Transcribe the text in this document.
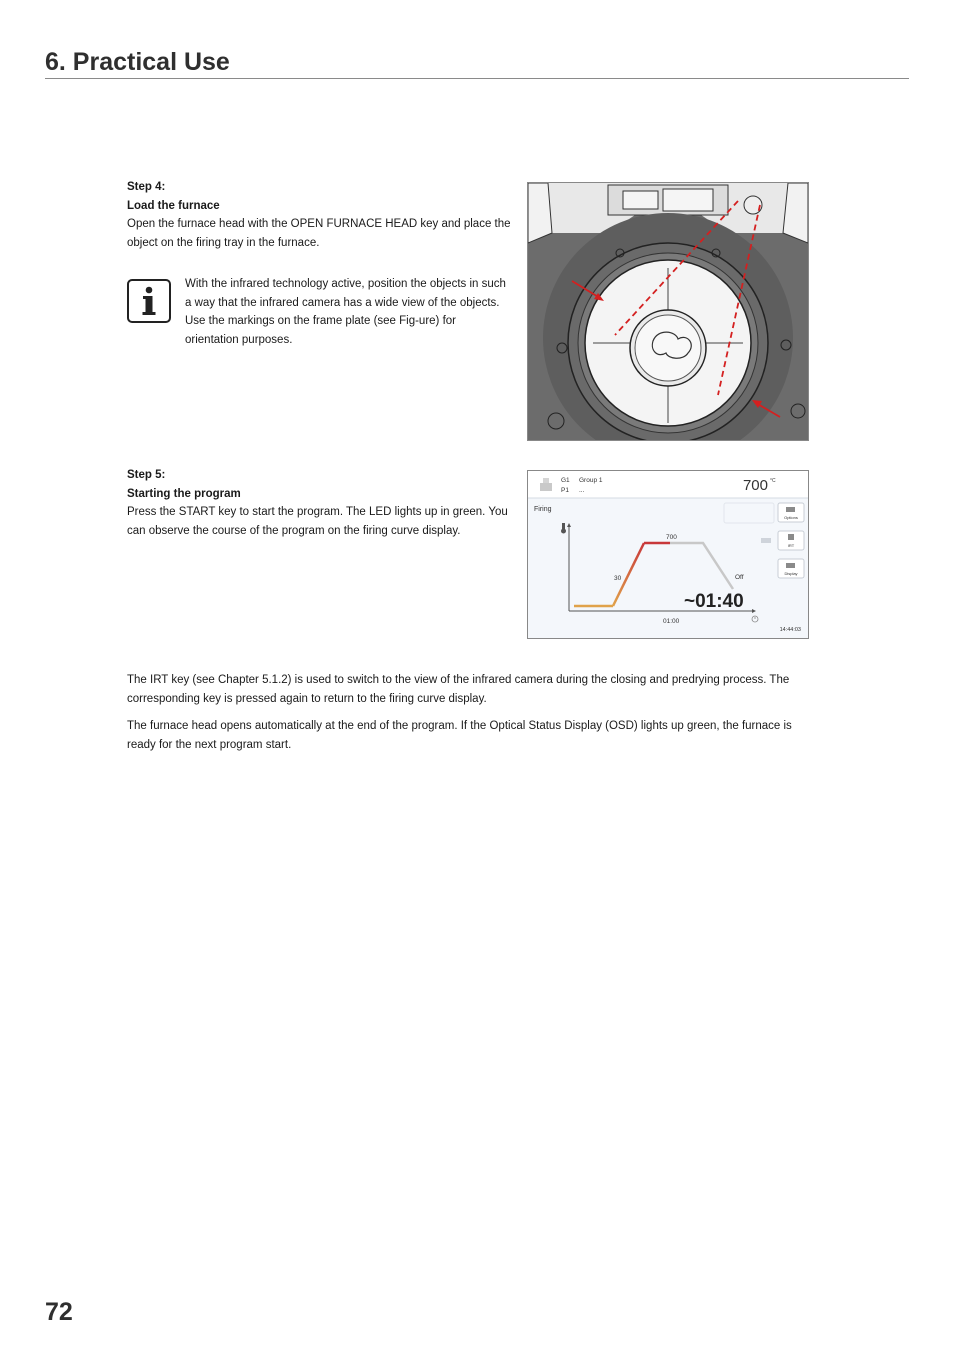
6. Practical Use
Step 4:
Load the furnace
Open the furnace head with the OPEN FURNACE HEAD key and place the object on the firing tray in the furnace.
With the infrared technology active, position the objects in such a way that the infrared camera has a wide view of the objects. Use the markings on the frame plate (see Fig-ure) for orientation purposes.
Step 5:
Starting the program
Press the START key to start the program. The LED lights up in green. You can observe the course of the program on the firing curve display.
G1 Group 1
P1 ...	700 °C
Firing
Options
IRT
Display
30
700
Off
01:00
~01:40
14:44:03
The IRT key (see Chapter 5.1.2) is used to switch to the view of the infrared camera during the closing and predrying process. The corresponding key is pressed again to return to the firing curve display.
The furnace head opens automatically at the end of the program. If the Optical Status Display (OSD) lights up green, the furnace is ready for the next program start.
72
